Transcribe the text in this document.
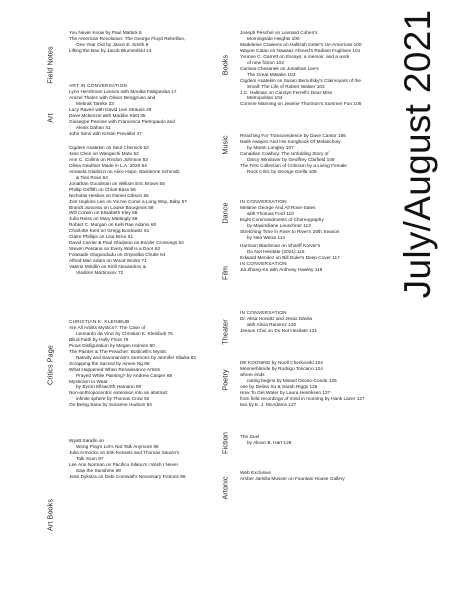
July/August 2021
Field Notes
You Never Know by Paul Mattick 6
The American Revolution: The George Floyd Rebellion,
One Year Out by Jason E. Smith 8
Lifting the Ban by Jacob Blumenfeld 13
Art
ART IN CONVERSATION
Lynn Hershman Leeson with Monika Fabijanska 17
Arazel Thalez with Olivier Berggruen and
Mebrak Tareke 23
Lucy Raven with David Levi Strauss 29
Dave Mckenzie with Maddie Klett 35
Giuseppe Penone with Francesca Pietropaolo and
Alexis Dahan 41
John Sims with Kristin Prevallet 47
Cigdem Asatekin on Seul Chernick 52
Jess Chen on Wangechi Mutu 52
Ann C. Collins on Rindon Johnson 53
Olivia Gauthier Made in L.A. 2020 54
Amanda Gluibizzi on Alice Hope, Bastienne Schmidt,
& Toni Ross 54
Jonathan Goodman on William Eric Brown 55
Phillip Griffith on Chloë Bass 56
Nicholas Heskes on Daniel Gibson 56
Zoë Hopkins Lee on You've Come a Long Way, Baby 57
Brandt Junceau on Louise Bourgeois 58
Will Corwin on Elisabeth Kley 58
Julia Reiss on Mary Mattingly 59
Robert C. Morgan on Kelli Rae Adams 60
Charlotte Kent on Gregg Bordowitz 61
Claire Phillips on Lisa Brice 61
David Carrier & Paul Gladston on Border Crossings 62
Steven Pestana on Every Wall is a Door 63
Folasade Ologundudu on Onyedika Chuke 64
Alfred Mac Adam on Wood Works 71
Valerie Mindlin on Kirill Alexandrov &
Vladimir Martirosov 72
Critics Page
CHRISTIAN K. KLEINBUB
Are All Artists Mystics?: The Case of
Leonardo da Vinci by Christian K. Kleinbub 76
Blind Faith by Holly Flora 78
Pious Disfiguration by Megan Holmes 80
The Painter & The Preacher: Botticelli's Mystic
Nativity and Savonarola's Sermons by Jennifer Sliwka 82
Scrapping the Sacred by Aimee Ng 86
What Happened When Renaissance Artists
Prayed While Painting? by Andrew Casper 88
Mysticism to Wear
by Byron Ellsworth Hamann 90
Non-anthropocentric extension into an abstract
infinite sphere by Thomas Crow 92
On Being Sane by Suzanne Hudson 94
Art Books
Wyatt Sarafin on
Wong Ping's Let's Not Talk Anymore 96
Julia Armocko on Erik Kessels and Thomas Sauvin's
Talk Soon 97
Lee Ann Norman on Pacifico Silano's I Wish I Never
Saw the Sunshine 98
Jean Dykstra on Debi Cornwall's Necessary Fictions 99
Books
Joseph Peschel on Leonard Cohen's
Morningside Heights 100
Madeleine Crawens on Hallizah Geter's Un-American 100
Wayne Catan on Nawaaz Ahmed's Radiant Fugitives 101
Yvonne C. Garrett on Essays, a memoir, and a work
of new fiction 102
Carissa Chesanek on Jonathan Lee's
The Great Mistake 103
Cigdem Asatekin on Susan Bernofsky's Clairvoyant of the
Small: The Life of Robert Walser 103
J.C. Hallman on Carolyn Ferrell's Dear Miss
Metropolitan 104
Corinne Manning on Jeanne Thornton's Summer Fun 105
Music Reaching For Transcendence by Dave Cantor 106
Natik Awayez And His Songbook Of Melancholy
by Martin Longley 107
Canadian Cowboy: The Unfolding Story of
Darcy Windover by Geoffrey Clarfield 108
The First Collection of Criticism by a Living Female
Rock Critic by George Grella 109
Dance IN CONVERSATION
Melanie George And All Rose-Sales
with Thomas Ford 110
Eight Commandments of Choreography
by Maximiliane Leuschner 113
Stretching Time in River to River's 20th Season
by Nea Weiss 114
Film
Harrison Blackman on Shariff Korver's
Do Not Hesitate (2021) 116
Edward Mendez on Bill Duke's Deep Cover 117
IN CONVERSATION
Jia Zhang-Ke with Anthony Hawley 118
Theater
IN CONVERSATION
Dr. Alisa Horwitz and Jesús Dávila
with Alicia Ramirez 120
Jeesun Choi on Do Not Hesitate 121
Poetry
DE KOONING by Noell Cherkovski 124
Mènnerblünde by Rodrigo Toscano 124
where ends
noting begins by Misael Osorio-Conde 125
one by Delina Su & Sarah Riggs 126
How To Get Water by Laura Henriksen 127
from field recordings of mind in morning by Hank Lazer 127
two by E. J. McAdams 127
Fiction The Duel
by Alison B. Hart 128
Artonic
Web Exclusive
Amber Jamilla Musser on Fountain House Gallery
